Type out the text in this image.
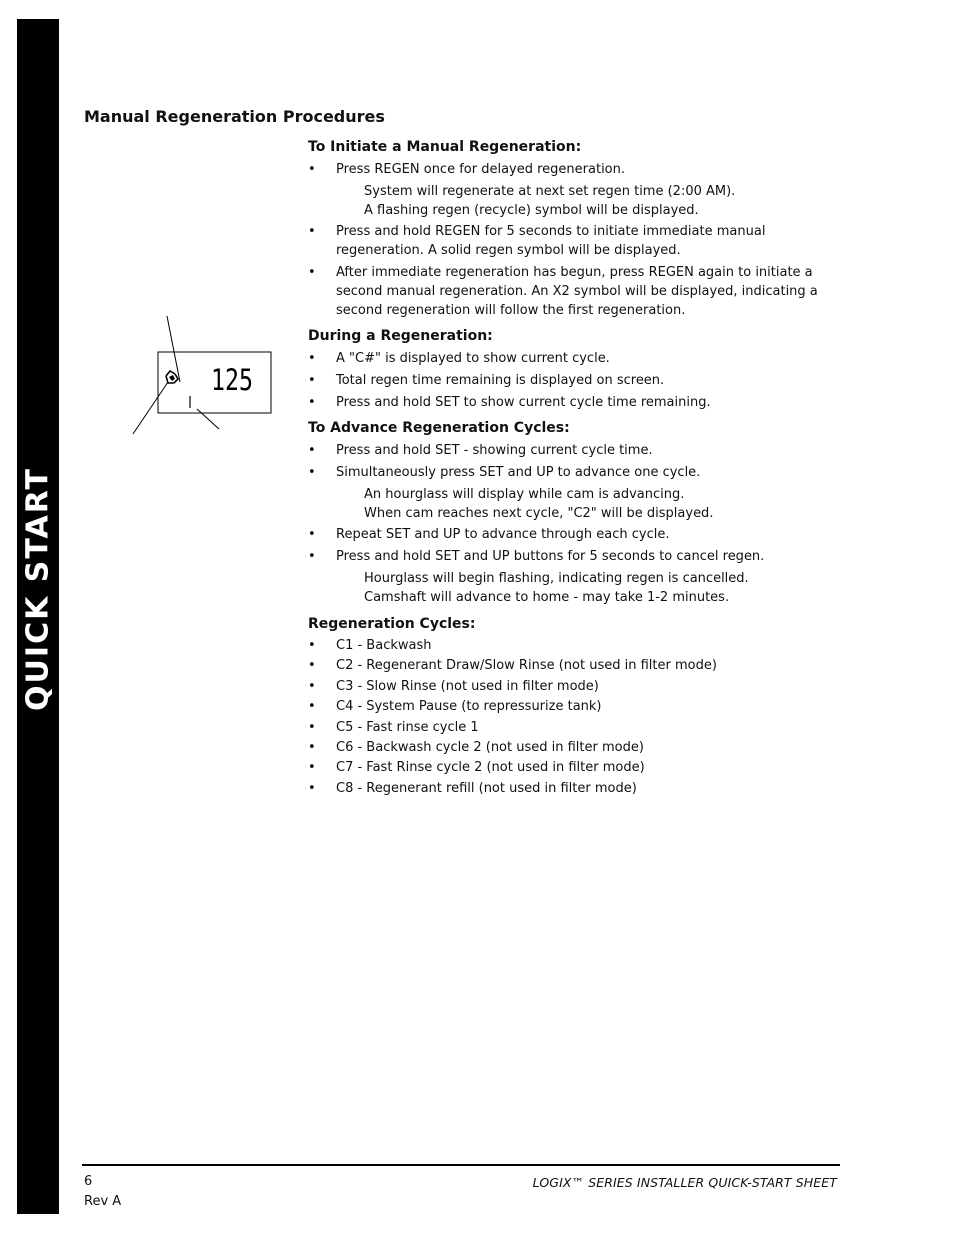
QUICK START
Manual Regeneration Procedures
125
To Initiate a Manual Regeneration:
• Press REGEN once for delayed regeneration.
System will regenerate at next set regen time (2:00 AM).
A flashing regen (recycle) symbol will be displayed.
• Press and hold REGEN for 5 seconds to initiate immediate manual regeneration. A solid regen symbol will be displayed.
• After immediate regeneration has begun, press REGEN again to initiate a second manual regeneration. An X2 symbol will be displayed, indicating a second regeneration will follow the first regeneration.
During a Regeneration:
• A "C#" is displayed to show current cycle.
• Total regen time remaining is displayed on screen.
• Press and hold SET to show current cycle time remaining.
To Advance Regeneration Cycles:
• Press and hold SET - showing current cycle time.
• Simultaneously press SET and UP to advance one cycle.
An hourglass will display while cam is advancing.
When cam reaches next cycle, "C2" will be displayed.
• Repeat SET and UP to advance through each cycle.
• Press and hold SET and UP buttons for 5 seconds to cancel regen.
Hourglass will begin flashing, indicating regen is cancelled.
Camshaft will advance to home - may take 1-2 minutes.
Regeneration Cycles:
• C1 - Backwash
• C2 - Regenerant Draw/Slow Rinse (not used in filter mode)
• C3 - Slow Rinse (not used in filter mode)
• C4 - System Pause (to repressurize tank)
• C5 - Fast rinse cycle 1
• C6 - Backwash cycle 2 (not used in filter mode)
• C7 - Fast Rinse cycle 2 (not used in filter mode)
• C8 - Regenerant refill (not used in filter mode)
6
Rev A
LOGIX™ SERIES INSTALLER QUICK-START SHEET
